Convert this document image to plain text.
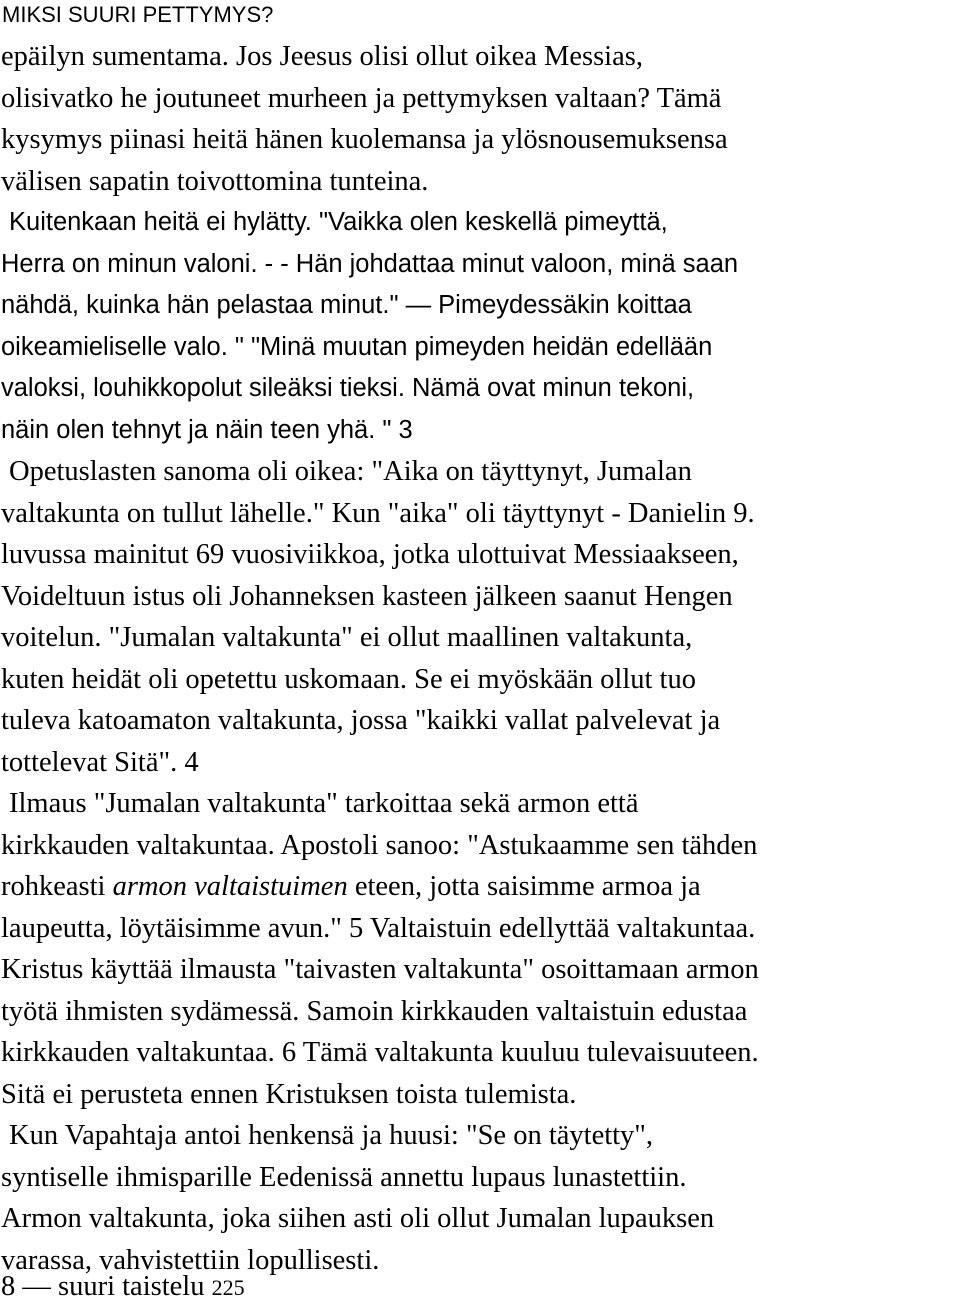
MIKSI SUURI PETTYMYS?
epäilyn sumentama. Jos Jeesus olisi ollut oikea Messias,
olisivatko he joutuneet murheen ja pettymyksen valtaan? Tämä
kysymys piinasi heitä hänen kuolemansa ja ylösnousemuksensa
välisen sapatin toivottomina tunteina.
Kuitenkaan heitä ei hylätty. "Vaikka olen keskellä pimeyttä,
Herra on minun valoni. - - Hän johdattaa minut valoon, minä saan
nähdä, kuinka hän pelastaa minut." — Pimeydessäkin koittaa
oikeamieliselle valo. " "Minä muutan pimeyden heidän edellään
valoksi, louhikkopolut sileäksi tieksi. Nämä ovat minun tekoni,
näin olen tehnyt ja näin teen yhä. " 3
Opetuslasten sanoma oli oikea: "Aika on täyttynyt, Jumalan
valtakunta on tullut lähelle." Kun "aika" oli täyttynyt - Danielin 9.
luvussa mainitut 69 vuosiviikkoa, jotka ulottuivat Messiaakseen,
Voideltuun istus oli Johanneksen kasteen jälkeen saanut Hengen
voitelun. "Jumalan valtakunta" ei ollut maallinen valtakunta,
kuten heidät oli opetettu uskomaan. Se ei myöskään ollut tuo
tuleva katoamaton valtakunta, jossa "kaikki vallat palvelevat ja
tottelevat Sitä". 4
Ilmaus "Jumalan valtakunta" tarkoittaa sekä armon että
kirkkauden valtakuntaa. Apostoli sanoo: "Astukaamme sen tähden
rohkeasti armon valtaistuimen eteen, jotta saisimme armoa ja
laupeutta, löytäisimme avun." 5 Valtaistuin edellyttää valtakuntaa.
Kristus käyttää ilmausta "taivasten valtakunta" osoittamaan armon
työtä ihmisten sydämessä. Samoin kirkkauden valtaistuin edustaa
kirkkauden valtakuntaa. 6 Tämä valtakunta kuuluu tulevaisuuteen.
Sitä ei perusteta ennen Kristuksen toista tulemista.
Kun Vapahtaja antoi henkensä ja huusi: "Se on täytetty",
syntiselle ihmisparille Eedenissä annettu lupaus lunastettiin.
Armon valtakunta, joka siihen asti oli ollut Jumalan lupauksen
varassa, vahvistettiin lopullisesti.
8 — suuri taistelu 225
